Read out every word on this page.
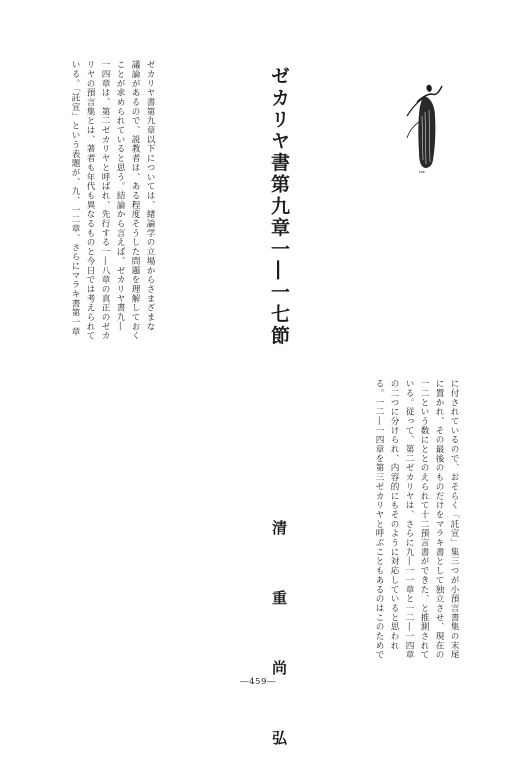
tor.
ゼカリヤ書第九章一―一七節
清　重　尚　弘
ゼカリヤ書第九章以下については、緒論学の立場からさまざまな
議論があるので、説教者は、ある程度そうした問題を理解しておく
ことが求められていると思う。結論から言えば、ゼカリヤ書九―
一四章は、第二ゼカリヤと呼ばれ、先行する一―八章の真正のゼカ
リヤの預言集とは、著者も年代も異なるものと今日では考えられて
いる。「託宣」という表題が、九、一二章、さらにマラキ書第一章
に付されているので、おそらく「託宣」集三つが小預言書集の末尾
に置かれ、その最後のものだけをマラキ書として独立させ、現在の
一二という数にととのえられて十二預言書ができた、と推測されて
いる。従って、第二ゼカリヤは、さらに九―一一章と一二―一四章
の二つに分けられ、内容的にもそのように対応していると思われ
る。一二―一四章を第三ゼカリヤと呼ぶこともあるのはこのためで
―459―
